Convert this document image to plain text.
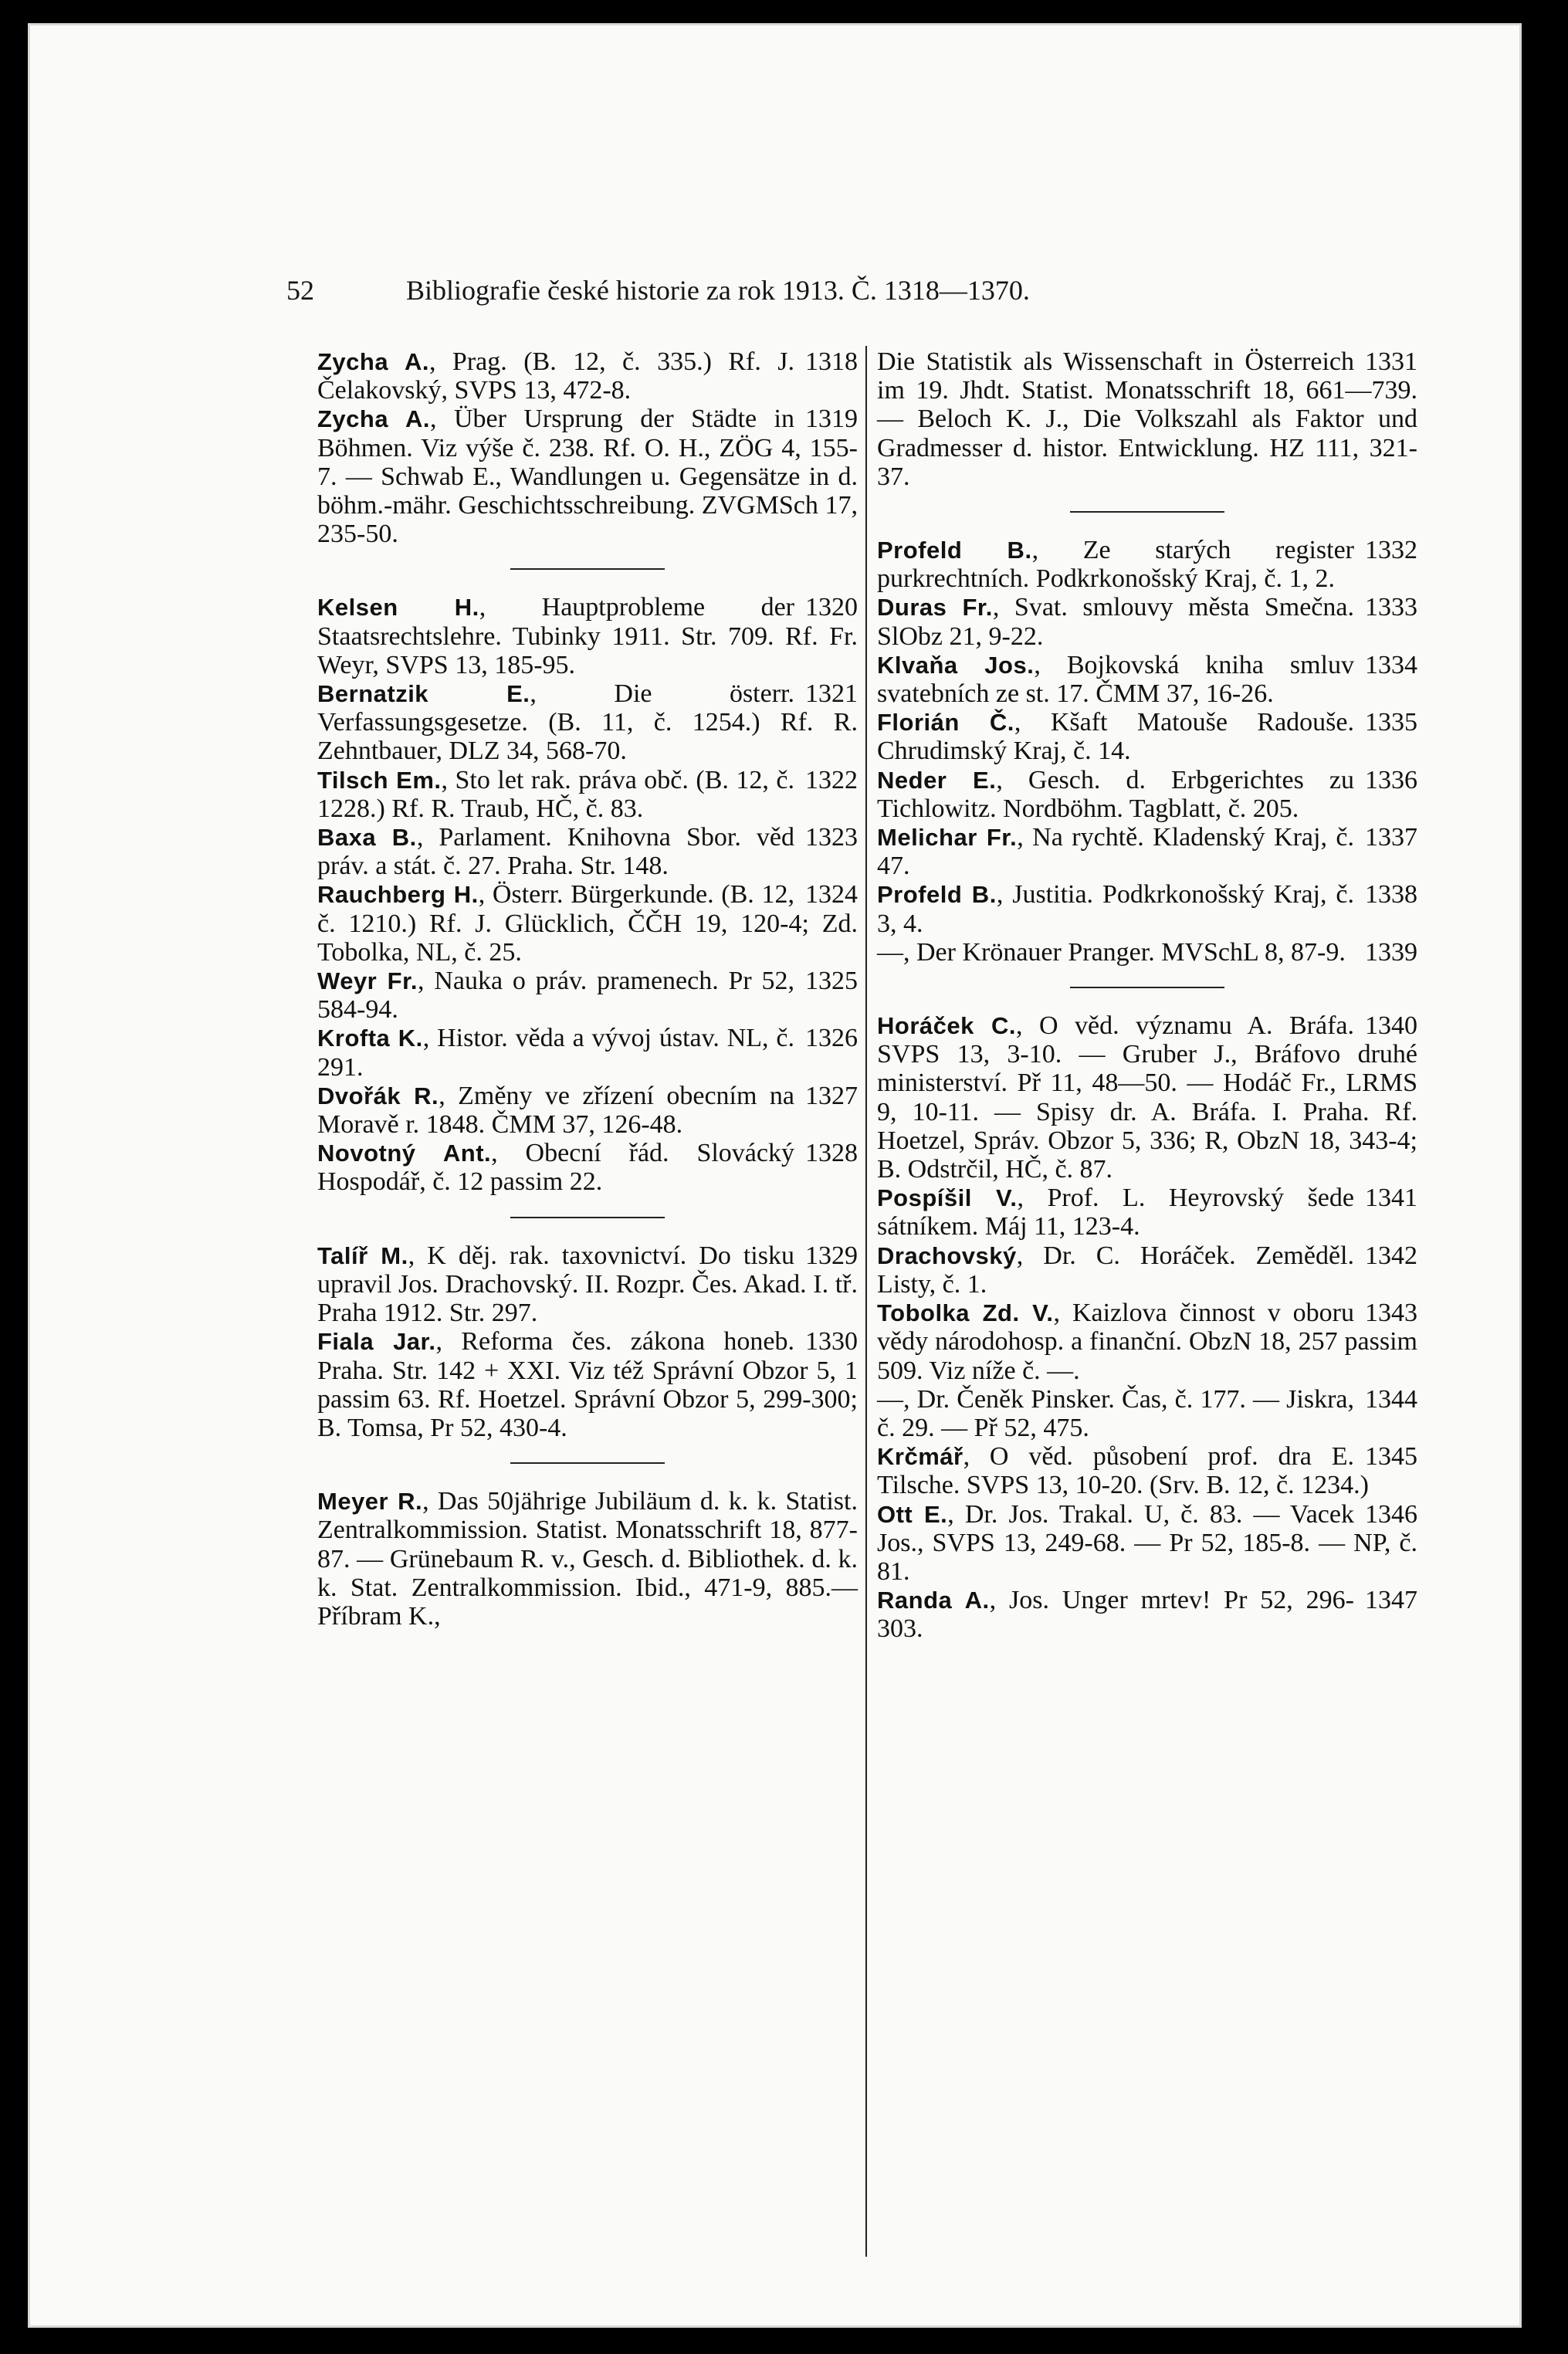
52	Bibliografie české historie za rok 1913. Č. 1318—1370.

1318
Zycha A., Prag. (B. 12, č. 335.) Rf. J. Čelakovský, SVPS 13, 472-8.

1319
Zycha A., Über Ursprung der Städte in Böhmen. Viz výše č. 238. Rf. O. H., ZÖG 4, 155-7. — Schwab E., Wandlungen u. Gegensätze in d. böhm.-mähr. Geschichtsschreibung. ZVGMSch 17, 235-50.

1320
Kelsen H., Hauptprobleme der Staatsrechtslehre. Tubinky 1911. Str. 709. Rf. Fr. Weyr, SVPS 13, 185-95.

1321
Bernatzik E., Die österr. Verfassungsgesetze. (B. 11, č. 1254.) Rf. R. Zehntbauer, DLZ 34, 568-70.

1322
Tilsch Em., Sto let rak. práva obč. (B. 12, č. 1228.) Rf. R. Traub, HČ, č. 83.

1323
Baxa B., Parlament. Knihovna Sbor. věd práv. a stát. č. 27. Praha. Str. 148.

1324
Rauchberg H., Österr. Bürgerkunde. (B. 12, č. 1210.) Rf. J. Glücklich, ČČH 19, 120-4; Zd. Tobolka, NL, č. 25.

1325
Weyr Fr., Nauka o práv. pramenech. Pr 52, 584-94.

1326
Krofta K., Histor. věda a vývoj ústav. NL, č. 291.

1327
Dvořák R., Změny ve zřízení obecním na Moravě r. 1848. ČMM 37, 126-48.

1328
Novotný Ant., Obecní řád. Slovácký Hospodář, č. 12 passim 22.

1329
Talíř M., K děj. rak. taxovnictví. Do tisku upravil Jos. Drachovský. II. Rozpr. Čes. Akad. I. tř. Praha 1912. Str. 297.

1330
Fiala Jar., Reforma čes. zákona honeb. Praha. Str. 142 + XXI. Viz též Správní Obzor 5, 1 passim 63. Rf. Hoetzel. Správní Obzor 5, 299-300; B. Tomsa, Pr 52, 430-4.

Meyer R., Das 50jährige Jubiläum d. k. k. Statist. Zentralkommission. Statist. Monatsschrift 18, 877-87. — Grünebaum R. v., Gesch. d. Bibliothek. d. k. k. Stat. Zentralkommission. Ibid., 471-9, 885.— Příbram K.,

1331
Die Statistik als Wissenschaft in Österreich im 19. Jhdt. Statist. Monatsschrift 18, 661—739. — Beloch K. J., Die Volkszahl als Faktor und Gradmesser d. histor. Entwicklung. HZ 111, 321-37.

1332
Profeld B., Ze starých register purkrechtních. Podkrkonošský Kraj, č. 1, 2.

1333
Duras Fr., Svat. smlouvy města Smečna. SlObz 21, 9-22.

1334
Klvaňa Jos., Bojkovská kniha smluv svatebních ze st. 17. ČMM 37, 16-26.

1335
Florián Č., Kšaft Matouše Radouše. Chrudimský Kraj, č. 14.

1336
Neder E., Gesch. d. Erbgerichtes zu Tichlowitz. Nordböhm. Tagblatt, č. 205.

1337
Melichar Fr., Na rychtě. Kladenský Kraj, č. 47.

1338
Profeld B., Justitia. Podkrkonošský Kraj, č. 3, 4.

1339
—, Der Krönauer Pranger. MVSchL 8, 87-9.

1340
Horáček C., O věd. významu A. Bráfa. SVPS 13, 3-10. — Gruber J., Bráfovo druhé ministerství. Př 11, 48—50. — Hodáč Fr., LRMS 9, 10-11. — Spisy dr. A. Bráfa. I. Praha. Rf. Hoetzel, Správ. Obzor 5, 336; R, ObzN 18, 343-4; B. Odstrčil, HČ, č. 87.

1341
Pospíšil V., Prof. L. Heyrovský šede sátníkem. Máj 11, 123-4.

1342
Drachovský, Dr. C. Horáček. Zeměděl. Listy, č. 1.

1343
Tobolka Zd. V., Kaizlova činnost v oboru vědy národohosp. a finanční. ObzN 18, 257 passim 509. Viz níže č. —.

1344
—, Dr. Čeněk Pinsker. Čas, č. 177. — Jiskra, č. 29. — Př 52, 475.

1345
Krčmář, O věd. působení prof. dra E. Tilsche. SVPS 13, 10-20. (Srv. B. 12, č. 1234.)

1346
Ott E., Dr. Jos. Trakal. U, č. 83. — Vacek Jos., SVPS 13, 249-68. — Pr 52, 185-8. — NP, č. 81.

1347
Randa A., Jos. Unger mrtev! Pr 52, 296-303.
